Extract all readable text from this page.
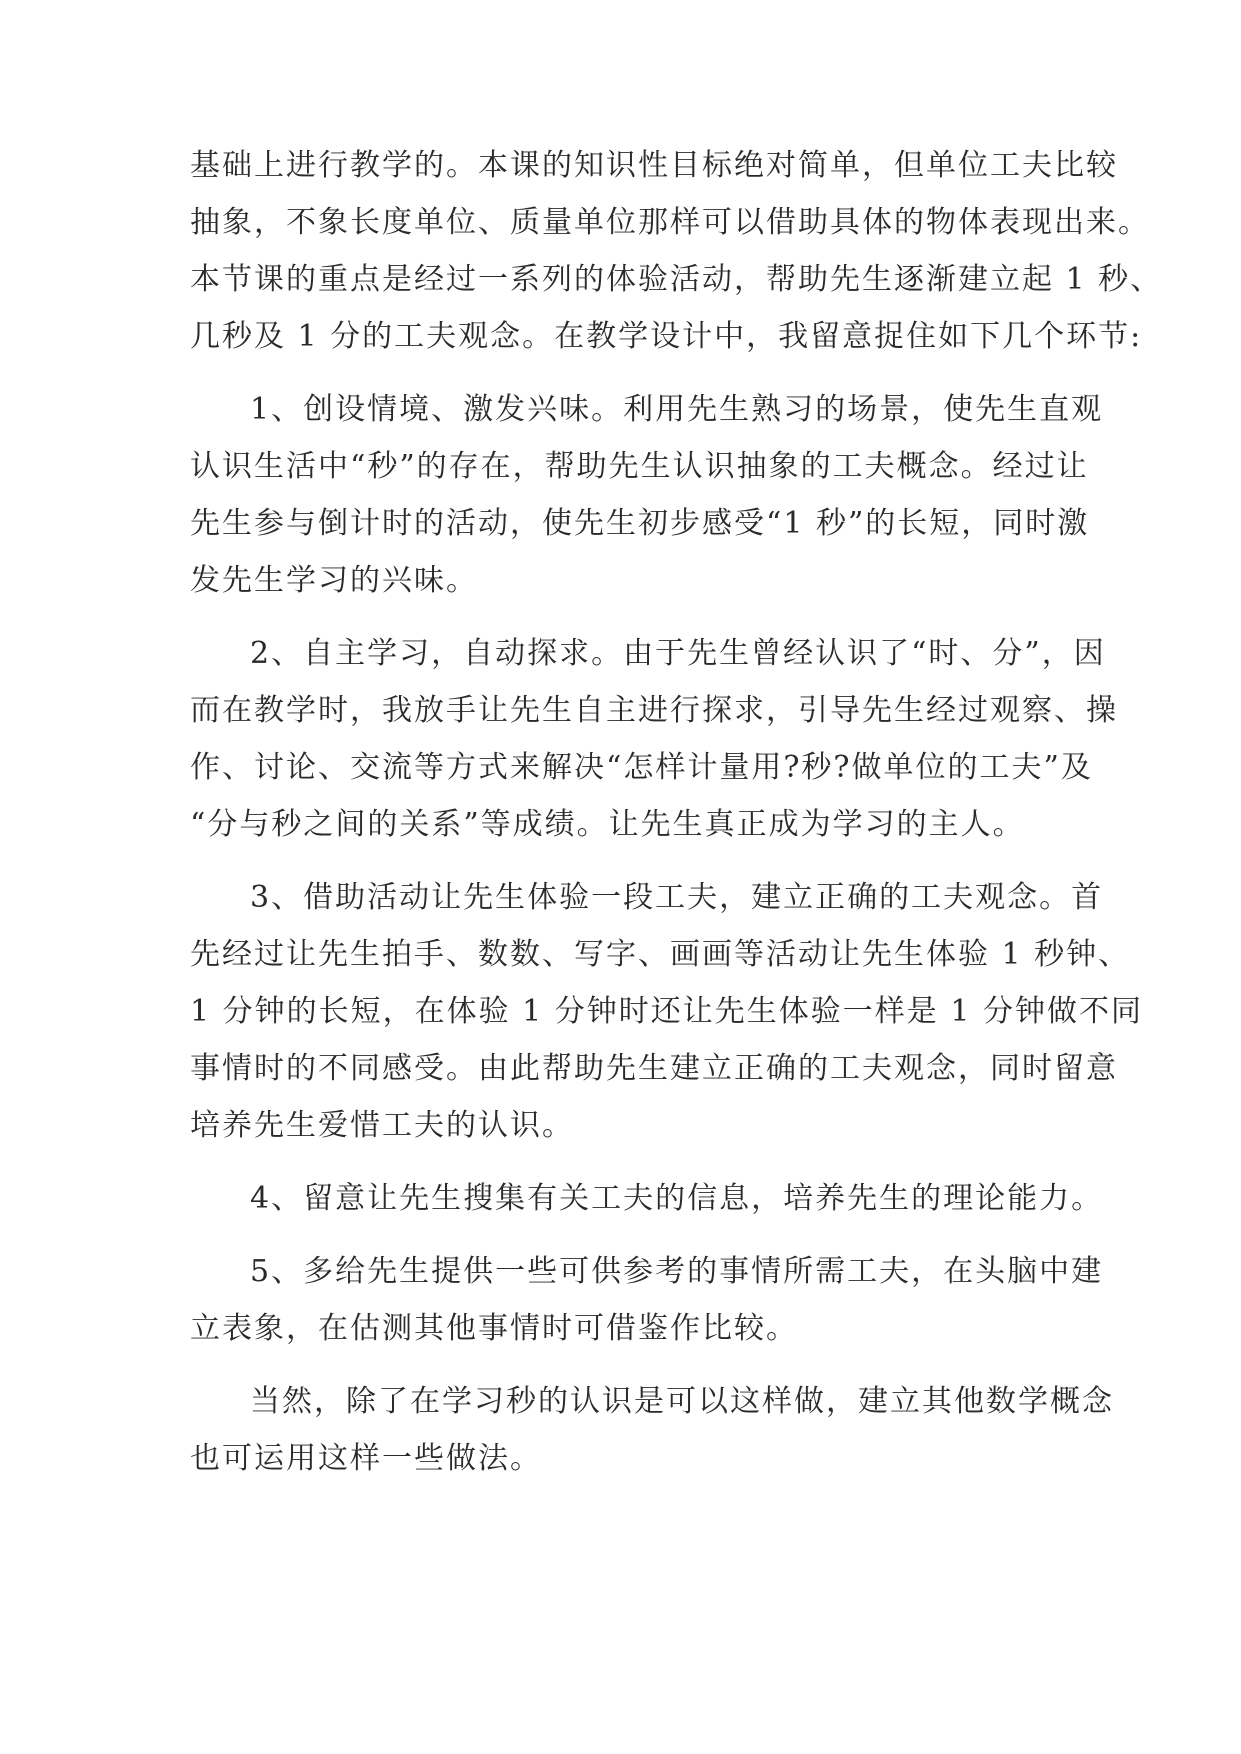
基础上进行教学的。本课的知识性目标绝对简单，但单位工夫比较
抽象，不象长度单位、质量单位那样可以借助具体的物体表现出来。
本节课的重点是经过一系列的体验活动，帮助先生逐渐建立起 1 秒、
几秒及 1 分的工夫观念。在教学设计中，我留意捉住如下几个环节:
1、创设情境、激发兴味。利用先生熟习的场景，使先生直观
认识生活中“秒”的存在，帮助先生认识抽象的工夫概念。经过让
先生参与倒计时的活动，使先生初步感受“1 秒”的长短，同时激
发先生学习的兴味。
2、自主学习，自动探求。由于先生曾经认识了“时、分”，因
而在教学时，我放手让先生自主进行探求，引导先生经过观察、操
作、讨论、交流等方式来解决“怎样计量用?秒?做单位的工夫”及
“分与秒之间的关系”等成绩。让先生真正成为学习的主人。
3、借助活动让先生体验一段工夫，建立正确的工夫观念。首
先经过让先生拍手、数数、写字、画画等活动让先生体验 1 秒钟、
1 分钟的长短，在体验 1 分钟时还让先生体验一样是 1 分钟做不同
事情时的不同感受。由此帮助先生建立正确的工夫观念，同时留意
培养先生爱惜工夫的认识。
4、留意让先生搜集有关工夫的信息，培养先生的理论能力。
5、多给先生提供一些可供参考的事情所需工夫，在头脑中建
立表象，在估测其他事情时可借鉴作比较。
当然，除了在学习秒的认识是可以这样做，建立其他数学概念
也可运用这样一些做法。
